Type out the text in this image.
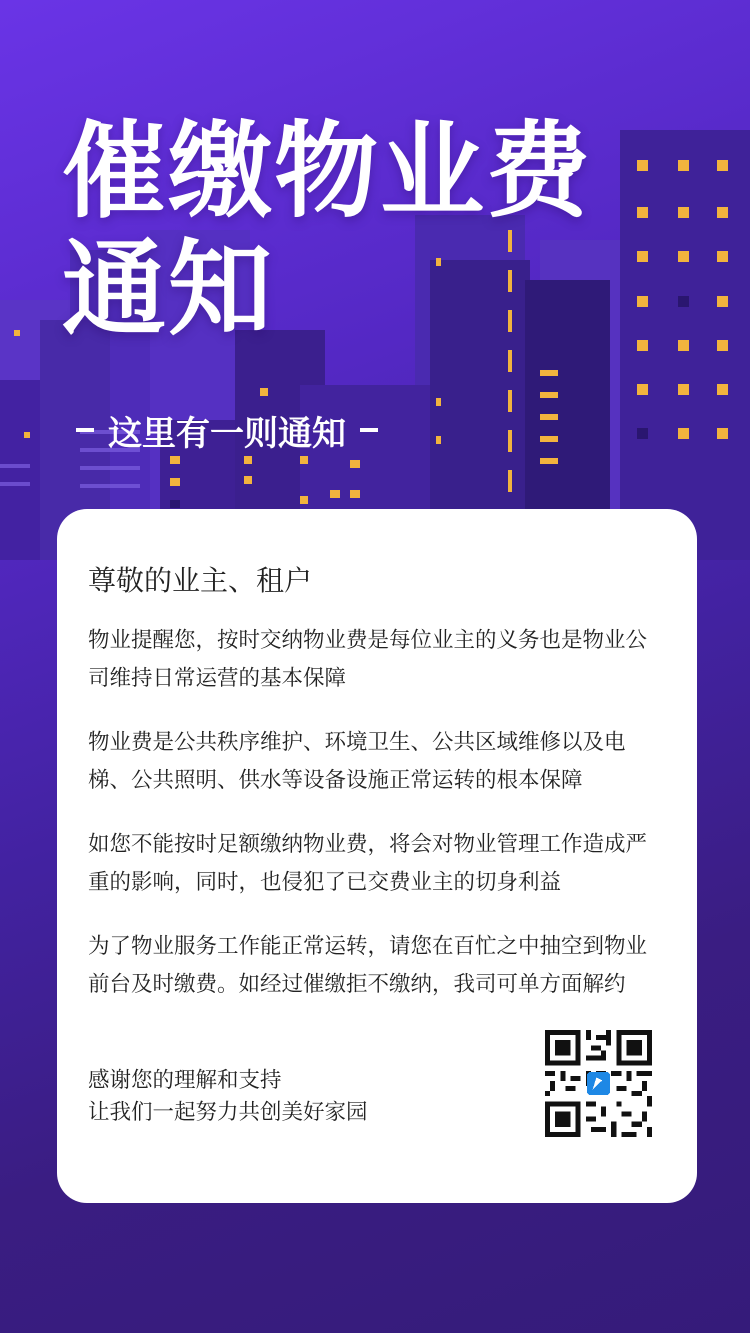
催缴物业费
通知
这里有一则通知
尊敬的业主、租户

物业提醒您，按时交纳物业费是每位业主的义务也是物业公司维持日常运营的基本保障

物业费是公共秩序维护、环境卫生、公共区域维修以及电梯、公共照明、供水等设备设施正常运转的根本保障

如您不能按时足额缴纳物业费，将会对物业管理工作造成严重的影响，同时，也侵犯了已交费业主的切身利益

为了物业服务工作能正常运转，请您在百忙之中抽空到物业前台及时缴费。如经过催缴拒不缴纳，我司可单方面解约

感谢您的理解和支持
让我们一起努力共创美好家园
